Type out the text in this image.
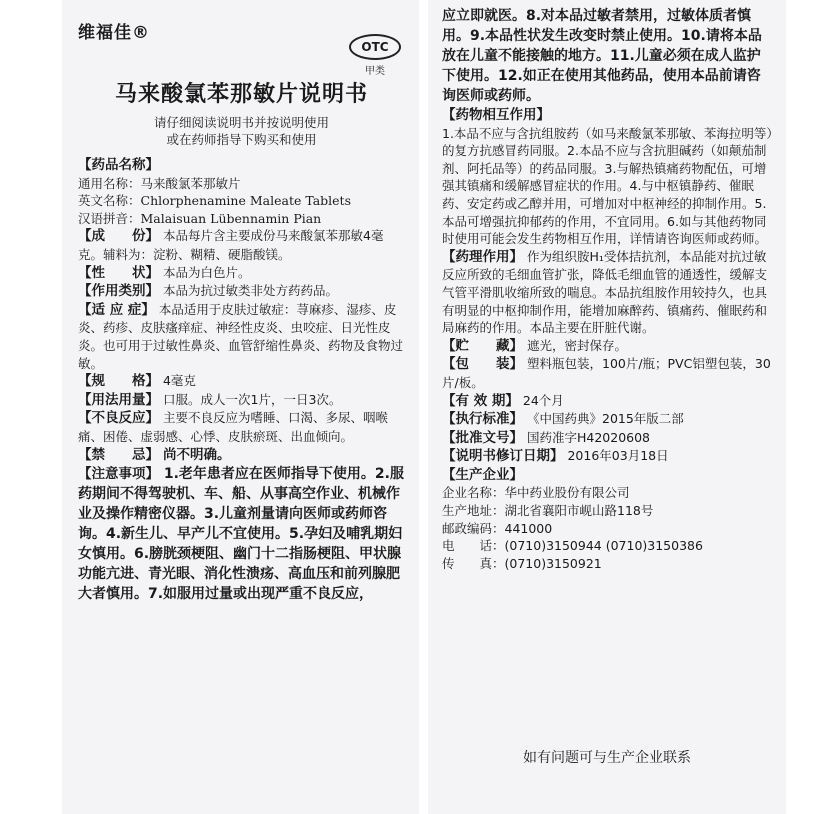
维福佳®
OTC
甲类
马来酸氯苯那敏片说明书
请仔细阅读说明书并按说明使用
或在药师指导下购买和使用

【药品名称】

通用名称：马来酸氯苯那敏片
英文名称：Chlorphenamine Maleate Tablets
汉语拼音：Malaisuan Lübennamin Pian

【成　　份】 本品每片含主要成份马来酸氯苯那敏4毫克。辅料为：淀粉、糊精、硬脂酸镁。

【性　　状】 本品为白色片。

【作用类别】 本品为抗过敏类非处方药药品。

【适 应 症】 本品适用于皮肤过敏症：荨麻疹、湿疹、皮炎、药疹、皮肤瘙痒症、神经性皮炎、虫咬症、日光性皮炎。也可用于过敏性鼻炎、血管舒缩性鼻炎、药物及食物过敏。

【规　　格】 4毫克

【用法用量】 口服。成人一次1片，一日3次。

【不良反应】 主要不良反应为嗜睡、口渴、多尿、咽喉痛、困倦、虚弱感、心悸、皮肤瘀斑、出血倾向。

【禁　　忌】 尚不明确。

【注意事项】 1.老年患者应在医师指导下使用。2.服药期间不得驾驶机、车、船、从事高空作业、机械作业及操作精密仪器。3.儿童剂量请向医师或药师咨询。4.新生儿、早产儿不宜使用。5.孕妇及哺乳期妇女慎用。6.膀胱颈梗阻、幽门十二指肠梗阻、甲状腺功能亢进、青光眼、消化性溃疡、高血压和前列腺肥大者慎用。7.如服用过量或出现严重不良反应，

应立即就医。8.对本品过敏者禁用，过敏体质者慎用。9.本品性状发生改变时禁止使用。10.请将本品放在儿童不能接触的地方。11.儿童必须在成人监护下使用。12.如正在使用其他药品，使用本品前请咨询医师或药师。

【药物相互作用】
1.本品不应与含抗组胺药（如马来酸氯苯那敏、苯海拉明等）的复方抗感冒药同服。2.本品不应与含抗胆碱药（如颠茄制剂、阿托品等）的药品同服。3.与解热镇痛药物配伍，可增强其镇痛和缓解感冒症状的作用。4.与中枢镇静药、催眠药、安定药或乙醇并用，可增加对中枢神经的抑制作用。5.本品可增强抗抑郁药的作用，不宜同用。6.如与其他药物同时使用可能会发生药物相互作用，详情请咨询医师或药师。

【药理作用】 作为组织胺H₁受体拮抗剂，本品能对抗过敏反应所致的毛细血管扩张，降低毛细血管的通透性，缓解支气管平滑肌收缩所致的喘息。本品抗组胺作用较持久，也具有明显的中枢抑制作用，能增加麻醉药、镇痛药、催眠药和局麻药的作用。本品主要在肝脏代谢。

【贮　　藏】 遮光，密封保存。

【包　　装】 塑料瓶包装，100片/瓶；PVC铝塑包装，30片/板。

【有 效 期】 24个月

【执行标准】 《中国药典》2015年版二部

【批准文号】 国药准字H42020608

【说明书修订日期】 2016年03月18日

【生产企业】

企业名称：华中药业股份有限公司
生产地址：湖北省襄阳市岘山路118号
邮政编码：441000
电　　话：(0710)3150944 (0710)3150386
传　　真：(0710)3150921

如有问题可与生产企业联系
